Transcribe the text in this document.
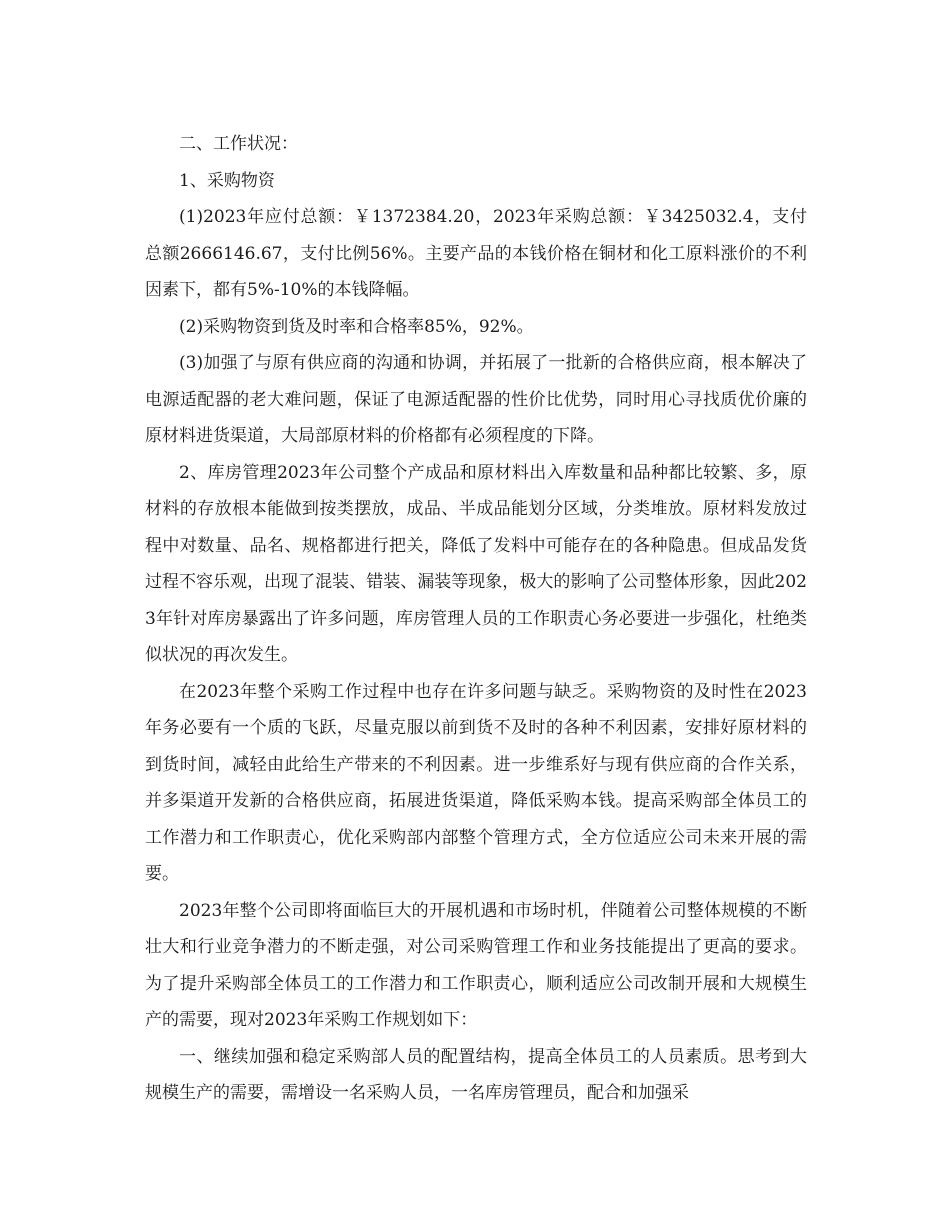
二、工作状况：

1、采购物资

(1)2023年应付总额：￥1372384.20，2023年采购总额：￥3425032.4，支付总额2666146.67，支付比例56%。主要产品的本钱价格在铜材和化工原料涨价的不利因素下，都有5%-10%的本钱降幅。

(2)采购物资到货及时率和合格率85%，92%。

(3)加强了与原有供应商的沟通和协调，并拓展了一批新的合格供应商，根本解决了电源适配器的老大难问题，保证了电源适配器的性价比优势，同时用心寻找质优价廉的原材料进货渠道，大局部原材料的价格都有必须程度的下降。

2、库房管理2023年公司整个产成品和原材料出入库数量和品种都比较繁、多，原材料的存放根本能做到按类摆放，成品、半成品能划分区域，分类堆放。原材料发放过程中对数量、品名、规格都进行把关，降低了发料中可能存在的各种隐患。但成品发货过程不容乐观，出现了混装、错装、漏装等现象，极大的影响了公司整体形象，因此2023年针对库房暴露出了许多问题，库房管理人员的工作职责心务必要进一步强化，杜绝类似状况的再次发生。

在2023年整个采购工作过程中也存在许多问题与缺乏。采购物资的及时性在2023年务必要有一个质的飞跃，尽量克服以前到货不及时的各种不利因素，安排好原材料的到货时间，减轻由此给生产带来的不利因素。进一步维系好与现有供应商的合作关系，并多渠道开发新的合格供应商，拓展进货渠道，降低采购本钱。提高采购部全体员工的工作潜力和工作职责心，优化采购部内部整个管理方式，全方位适应公司未来开展的需要。

2023年整个公司即将面临巨大的开展机遇和市场时机，伴随着公司整体规模的不断壮大和行业竞争潜力的不断走强，对公司采购管理工作和业务技能提出了更高的要求。为了提升采购部全体员工的工作潜力和工作职责心，顺利适应公司改制开展和大规模生产的需要，现对2023年采购工作规划如下：

一、继续加强和稳定采购部人员的配置结构，提高全体员工的人员素质。思考到大规模生产的需要，需增设一名采购人员，一名库房管理员，配合和加强采
